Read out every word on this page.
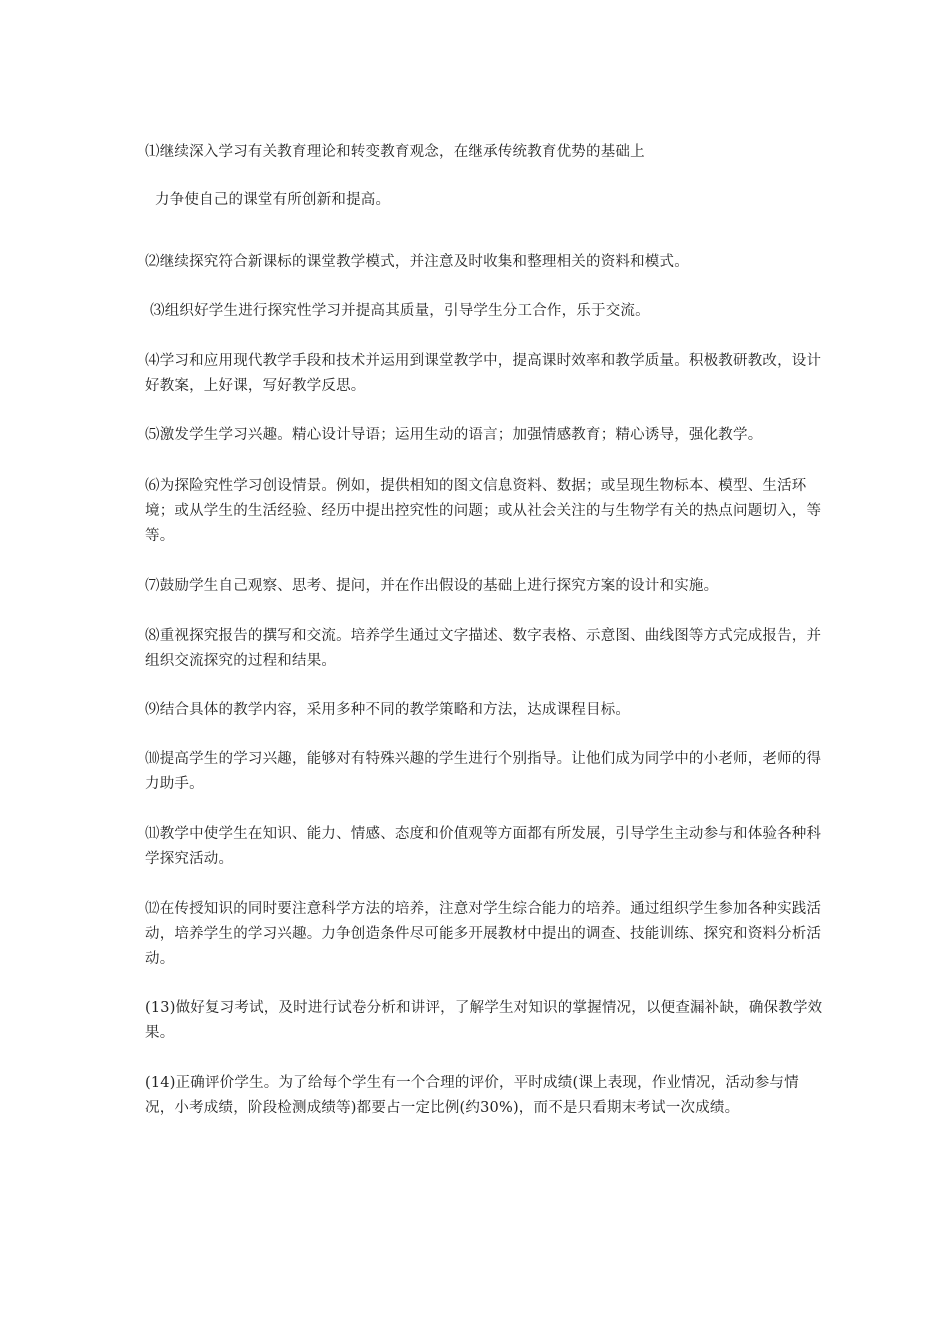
⑴继续深入学习有关教育理论和转变教育观念，在继承传统教育优势的基础上

力争使自己的课堂有所创新和提高。

⑵继续探究符合新课标的课堂教学模式，并注意及时收集和整理相关的资料和模式。

⑶组织好学生进行探究性学习并提高其质量，引导学生分工合作，乐于交流。

⑷学习和应用现代教学手段和技术并运用到课堂教学中，提高课时效率和教学质量。积极教研教改，设计好教案，上好课，写好教学反思。

⑸激发学生学习兴趣。精心设计导语；运用生动的语言；加强情感教育；精心诱导，强化教学。

⑹为探险究性学习创设情景。例如，提供相知的图文信息资料、数据；或呈现生物标本、模型、生活环境；或从学生的生活经验、经历中提出控究性的问题；或从社会关注的与生物学有关的热点问题切入，等等。

⑺鼓励学生自己观察、思考、提问，并在作出假设的基础上进行探究方案的设计和实施。

⑻重视探究报告的撰写和交流。培养学生通过文字描述、数字表格、示意图、曲线图等方式完成报告，并组织交流探究的过程和结果。

⑼结合具体的教学内容，采用多种不同的教学策略和方法，达成课程目标。

⑽提高学生的学习兴趣，能够对有特殊兴趣的学生进行个别指导。让他们成为同学中的小老师，老师的得力助手。

⑾教学中使学生在知识、能力、情感、态度和价值观等方面都有所发展，引导学生主动参与和体验各种科学探究活动。

⑿在传授知识的同时要注意科学方法的培养，注意对学生综合能力的培养。通过组织学生参加各种实践活动，培养学生的学习兴趣。力争创造条件尽可能多开展教材中提出的调查、技能训练、探究和资料分析活动。

(13)做好复习考试，及时进行试卷分析和讲评，了解学生对知识的掌握情况，以便查漏补缺，确保教学效果。

(14)正确评价学生。为了给每个学生有一个合理的评价，平时成绩(课上表现，作业情况，活动参与情况，小考成绩，阶段检测成绩等)都要占一定比例(约30%)，而不是只看期末考试一次成绩。
